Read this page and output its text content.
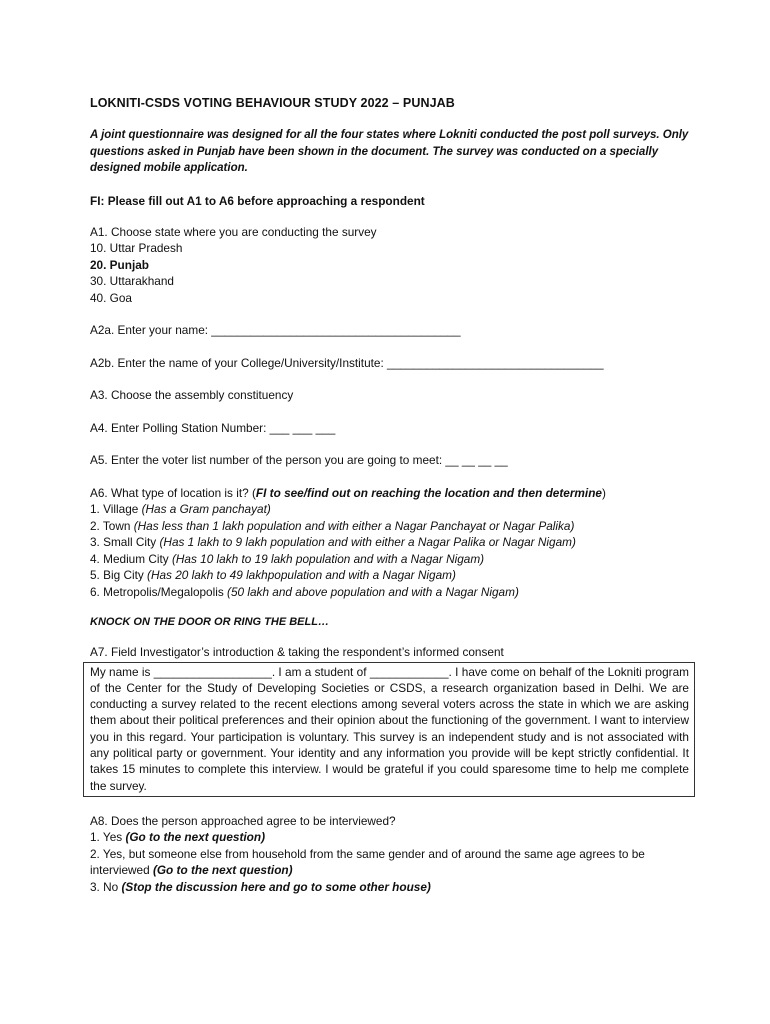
LOKNITI-CSDS VOTING BEHAVIOUR STUDY 2022 – PUNJAB
A joint questionnaire was designed for all the four states where Lokniti conducted the post poll surveys. Only questions asked in Punjab have been shown in the document. The survey was conducted on a specially designed mobile application.
FI: Please fill out A1 to A6 before approaching a respondent
A1. Choose state where you are conducting the survey
10. Uttar Pradesh
20. Punjab
30. Uttarakhand
40. Goa
A2a. Enter your name: ______________________________________
A2b. Enter the name of your College/University/Institute: _________________________________
A3. Choose the assembly constituency
A4. Enter Polling Station Number: ___ ___ ___
A5. Enter the voter list number of the person you are going to meet: __ __ __ __
A6. What type of location is it? (FI to see/find out on reaching the location and then determine)
1. Village (Has a Gram panchayat)
2. Town (Has less than 1 lakh population and with either a Nagar Panchayat or Nagar Palika)
3. Small City (Has 1 lakh to 9 lakh population and with either a Nagar Palika or Nagar Nigam)
4. Medium City (Has 10 lakh to 19 lakh population and with a Nagar Nigam)
5. Big City (Has 20 lakh to 49 lakhpopulation and with a Nagar Nigam)
6. Metropolis/Megalopolis (50 lakh and above population and with a Nagar Nigam)
KNOCK ON THE DOOR OR RING THE BELL…
A7. Field Investigator’s introduction & taking the respondent’s informed consent
My name is __________________. I am a student of ____________. I have come on behalf of the Lokniti program of the Center for the Study of Developing Societies or CSDS, a research organization based in Delhi. We are conducting a survey related to the recent elections among several voters across the state in which we are asking them about their political preferences and their opinion about the functioning of the government. I want to interview you in this regard. Your participation is voluntary. This survey is an independent study and is not associated with any political party or government. Your identity and any information you provide will be kept strictly confidential. It takes 15 minutes to complete this interview. I would be grateful if you could sparesome time to help me complete the survey.
A8. Does the person approached agree to be interviewed?
1. Yes (Go to the next question)
2. Yes, but someone else from household from the same gender and of around the same age agrees to be interviewed (Go to the next question)
3. No (Stop the discussion here and go to some other house)
